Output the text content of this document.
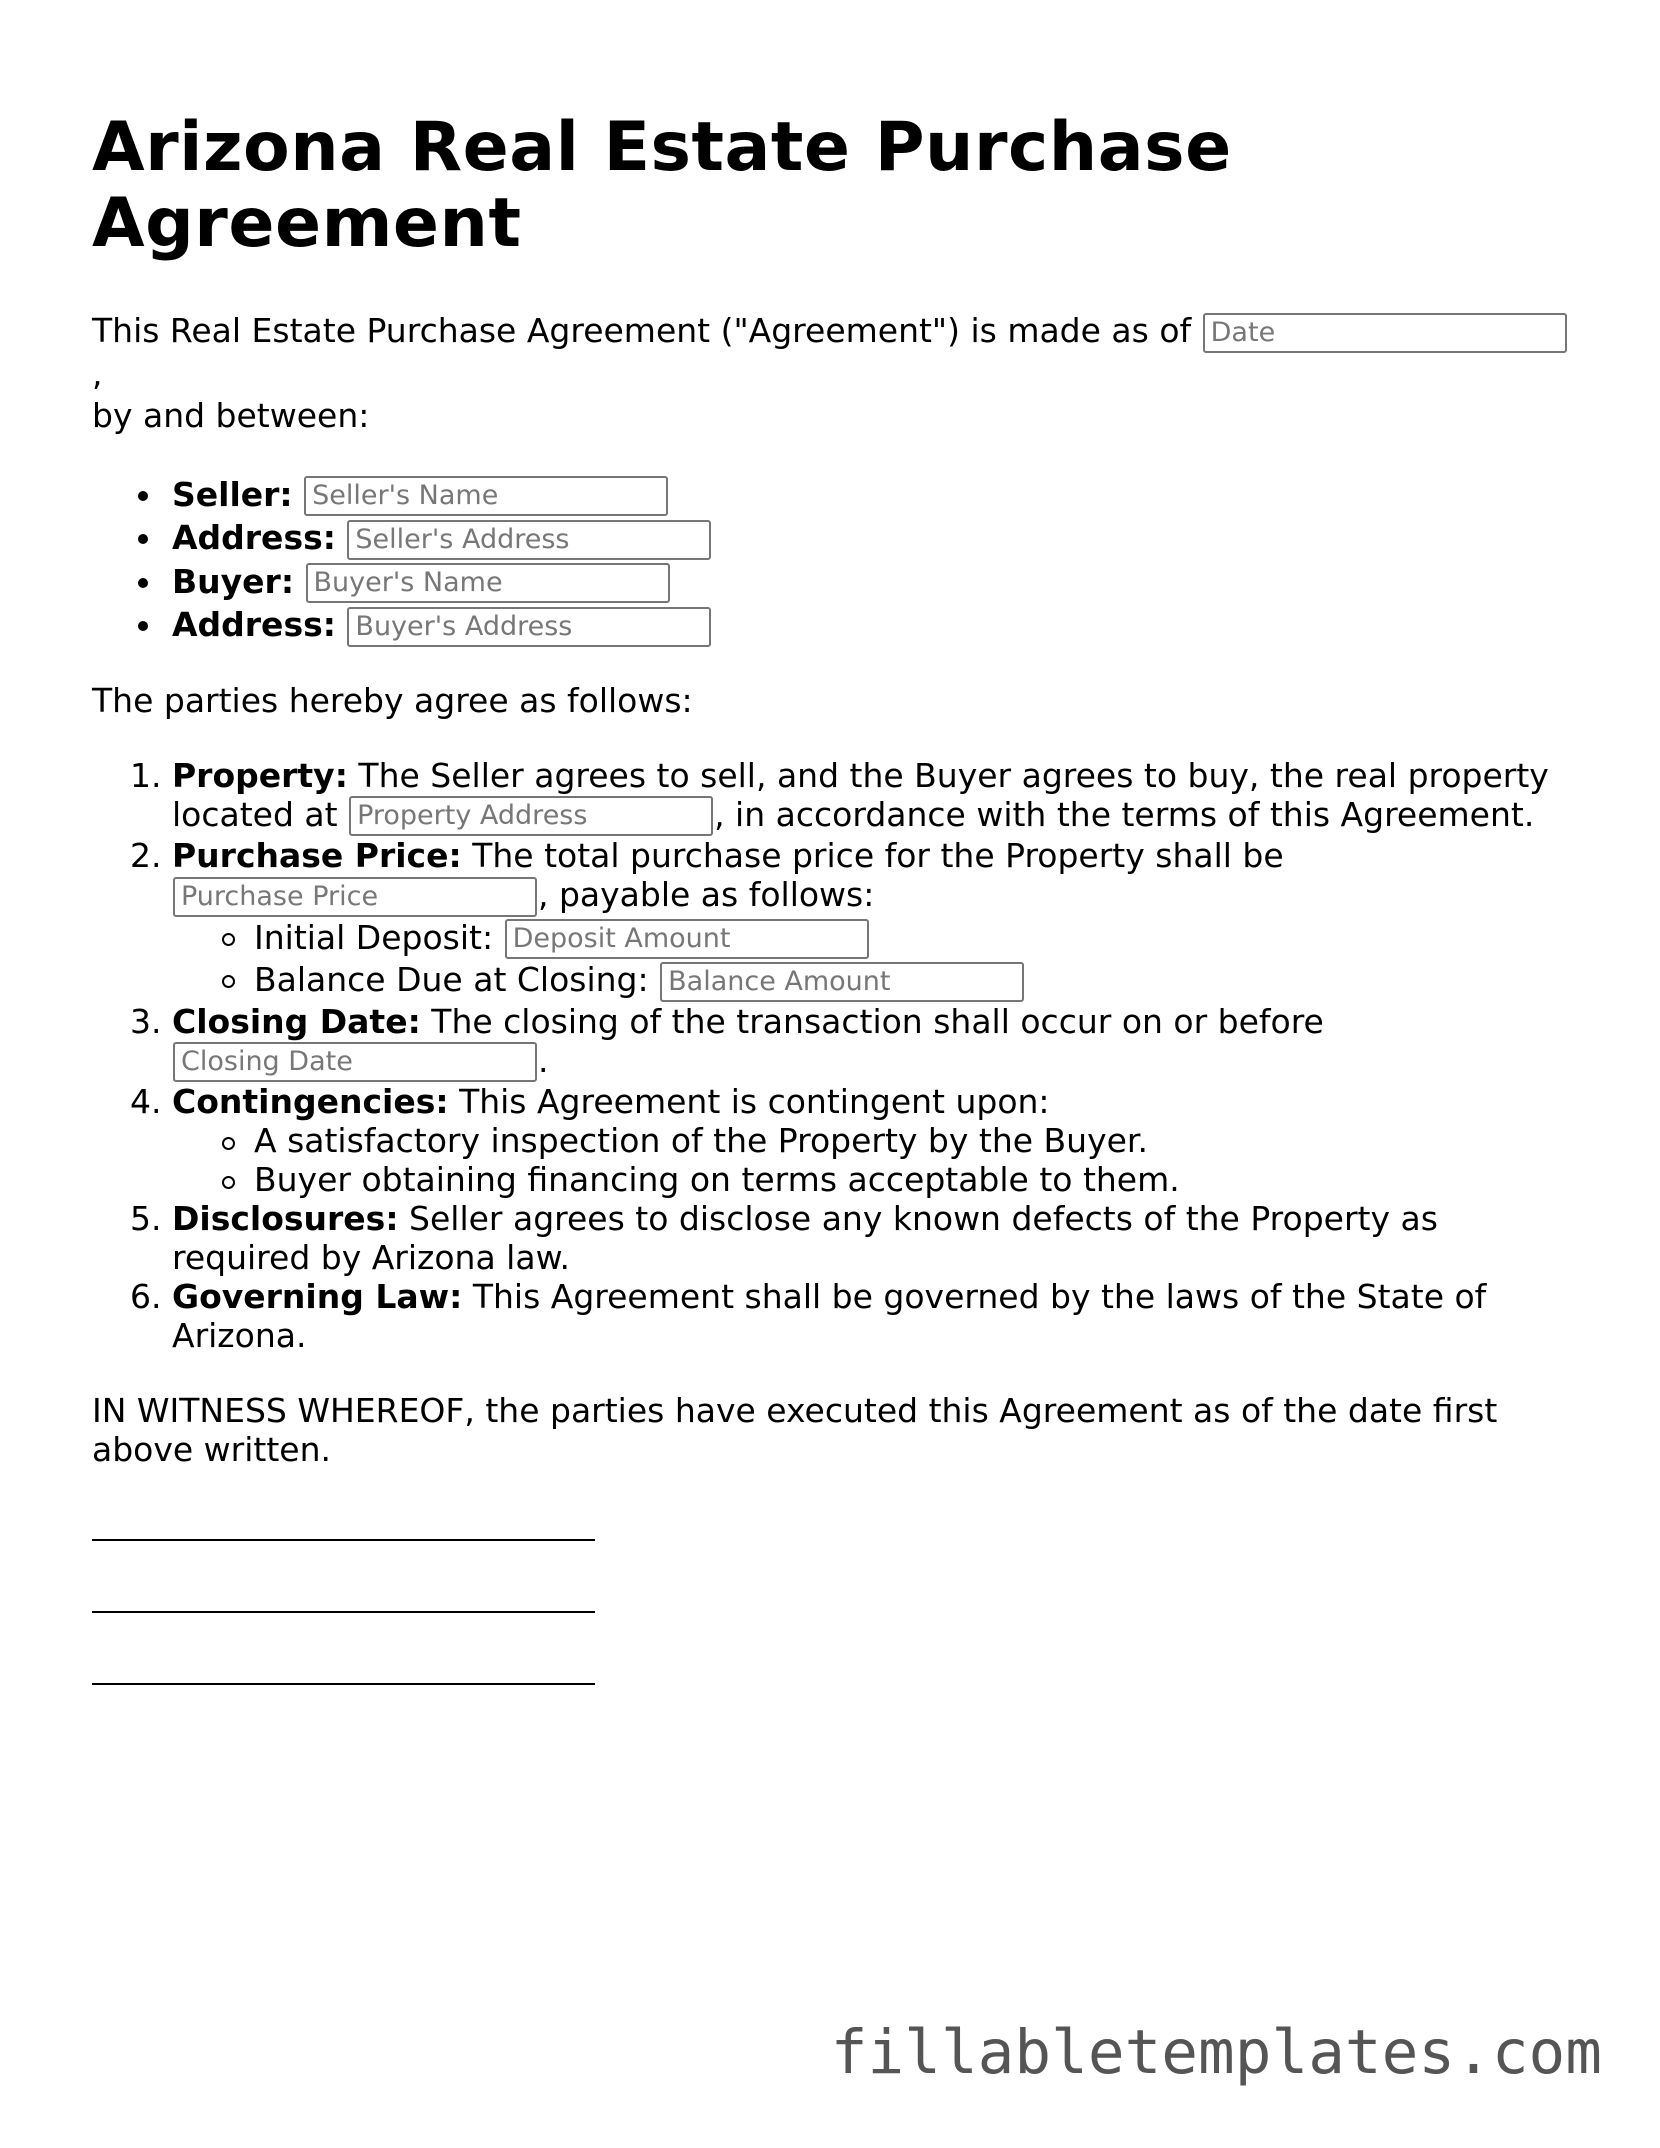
Arizona Real Estate Purchase Agreement

This Real Estate Purchase Agreement ("Agreement") is made as of Date,
by and between:

Seller: Seller's Name
Address: Seller's Address
Buyer: Buyer's Name
Address: Buyer's Address

The parties hereby agree as follows:

1. Property: The Seller agrees to sell, and the Buyer agrees to buy, the real property located at Property Address	, in accordance with the terms of this Agreement.
2. Purchase Price: The total purchase price for the Property shall be
Purchase Price	, payable as follows:
Initial Deposit: Deposit Amount
Balance Due at Closing: Balance Amount
3. Closing Date: The closing of the transaction shall occur on or before
Closing Date	.
4. Contingencies: This Agreement is contingent upon:
A satisfactory inspection of the Property by the Buyer.
Buyer obtaining financing on terms acceptable to them.
5. Disclosures: Seller agrees to disclose any known defects of the Property as required by Arizona law.
6. Governing Law: This Agreement shall be governed by the laws of the State of Arizona.

IN WITNESS WHEREOF, the parties have executed this Agreement as of the date first above written.

fillabletemplates.com
